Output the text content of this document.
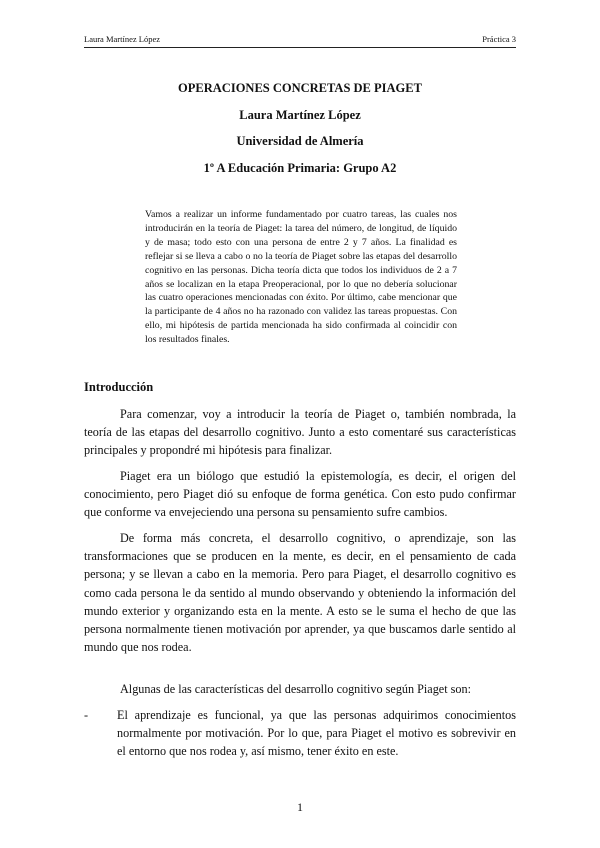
Laura Martínez López	Práctica 3
OPERACIONES CONCRETAS DE PIAGET
Laura Martínez López
Universidad de Almería
1º A Educación Primaria: Grupo A2

Vamos a realizar un informe fundamentado por cuatro tareas, las cuales nos introducirán en la teoría de Piaget: la tarea del número, de longitud, de líquido y de masa; todo esto con una persona de entre 2 y 7 años. La finalidad es reflejar si se lleva a cabo o no la teoría de Piaget sobre las etapas del desarrollo cognitivo en las personas. Dicha teoría dicta que todos los individuos de 2 a 7 años se localizan en la etapa Preoperacional, por lo que no debería solucionar las cuatro operaciones mencionadas con éxito. Por último, cabe mencionar que la participante de 4 años no ha razonado con validez las tareas propuestas. Con ello, mi hipótesis de partida mencionada ha sido confirmada al coincidir con los resultados finales.

Introducción

Para comenzar, voy a introducir la teoría de Piaget o, también nombrada, la teoría de las etapas del desarrollo cognitivo. Junto a esto comentaré sus características principales y propondré mi hipótesis para finalizar.

Piaget era un biólogo que estudió la epistemología, es decir, el origen del conocimiento, pero Piaget dió su enfoque de forma genética. Con esto pudo confirmar que conforme va envejeciendo una persona su pensamiento sufre cambios.

De forma más concreta, el desarrollo cognitivo, o aprendizaje, son las transformaciones que se producen en la mente, es decir, en el pensamiento de cada persona; y se llevan a cabo en la memoria. Pero para Piaget, el desarrollo cognitivo es como cada persona le da sentido al mundo observando y obteniendo la información del mundo exterior y organizando esta en la mente. A esto se le suma el hecho de que las persona normalmente tienen motivación por aprender, ya que buscamos darle sentido al mundo que nos rodea.

Algunas de las características del desarrollo cognitivo según Piaget son:

-	El aprendizaje es funcional, ya que las personas adquirimos conocimientos normalmente por motivación. Por lo que, para Piaget el motivo es sobrevivir en el entorno que nos rodea y, así mismo, tener éxito en este.
1
